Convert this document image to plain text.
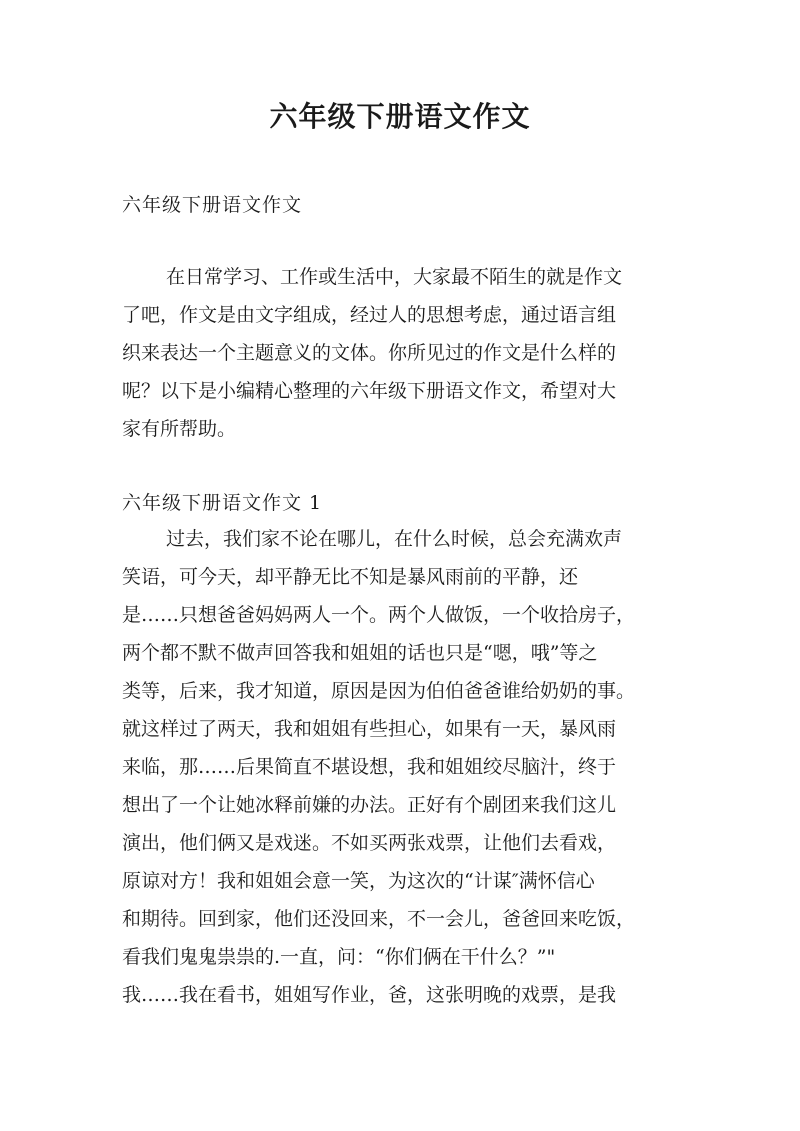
六年级下册语文作文

六年级下册语文作文

在日常学习、工作或生活中，大家最不陌生的就是作文
了吧，作文是由文字组成，经过人的思想考虑，通过语言组
织来表达一个主题意义的文体。你所见过的作文是什么样的
呢？以下是小编精心整理的六年级下册语文作文，希望对大
家有所帮助。

六年级下册语文作文 1

过去，我们家不论在哪儿，在什么时候，总会充满欢声
笑语，可今天，却平静无比不知是暴风雨前的平静，还
是……只想爸爸妈妈两人一个。两个人做饭，一个收拾房子，
两个都不默不做声回答我和姐姐的话也只是“嗯，哦”等之
类等，后来，我才知道，原因是因为伯伯爸爸谁给奶奶的事。
就这样过了两天，我和姐姐有些担心，如果有一天，暴风雨
来临，那……后果简直不堪设想，我和姐姐绞尽脑汁，终于
想出了一个让她冰释前嫌的办法。正好有个剧团来我们这儿
演出，他们俩又是戏迷。不如买两张戏票，让他们去看戏，
原谅对方！我和姐姐会意一笑，为这次的“计谋″满怀信心
和期待。回到家，他们还没回来，不一会儿，爸爸回来吃饭，
看我们鬼鬼祟祟的.一直，问：“你们俩在干什么？”"
我……我在看书，姐姐写作业，爸，这张明晚的戏票，是我
